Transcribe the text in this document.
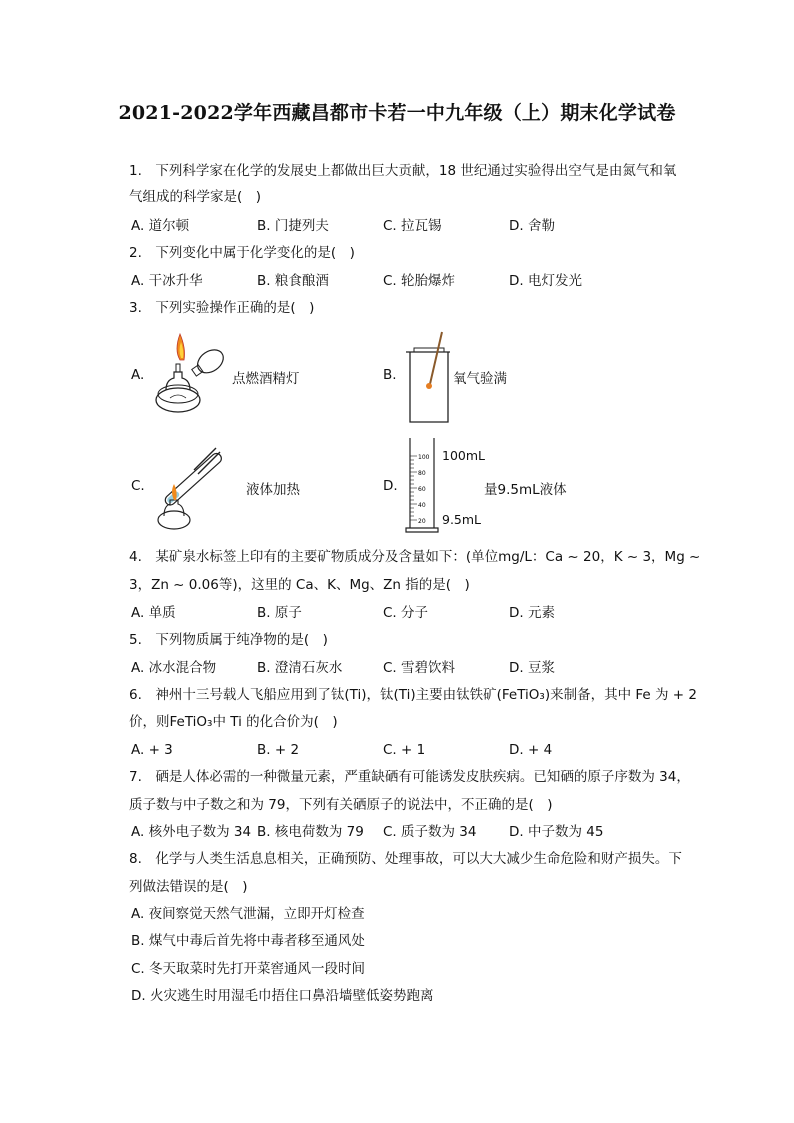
2021-2022学年西藏昌都市卡若一中九年级（上）期末化学试卷
1.　下列科学家在化学的发展史上都做出巨大贡献，18 世纪通过实验得出空气是由氮气和氧
气组成的科学家是(　)
A. 道尔顿	B. 门捷列夫	C. 拉瓦锡	D. 舍勒
2.　下列变化中属于化学变化的是(　)
A. 干冰升华	B. 粮食酿酒	C. 轮胎爆炸	D. 电灯发光
3.　下列实验操作正确的是(　)
A.	点燃酒精灯	B.	氧气验满
C.	液体加热	D.
100
80
60
40
20
100mL
量9.5mL液体
9.5mL
4.　某矿泉水标签上印有的主要矿物质成分及含量如下：(单位mg/L：Ca ~ 20，K ~ 3，Mg ~
3，Zn ~ 0.06等)，这里的 Ca、K、Mg、Zn 指的是(　)
A. 单质	B. 原子	C. 分子	D. 元素
5.　下列物质属于纯净物的是(　)
A. 冰水混合物	B. 澄清石灰水	C. 雪碧饮料	D. 豆浆
6.　神州十三号载人飞船应用到了钛(Ti)，钛(Ti)主要由钛铁矿(FeTiO₃)来制备，其中 Fe 为 + 2
价，则FeTiO₃中 Ti 的化合价为(　)
A. + 3	B. + 2	C. + 1	D. + 4
7.　硒是人体必需的一种微量元素，严重缺硒有可能诱发皮肤疾病。已知硒的原子序数为 34，
质子数与中子数之和为 79，下列有关硒原子的说法中，不正确的是(　)
A. 核外电子数为 34 B. 核电荷数为 79 C. 质子数为 34 D. 中子数为 45
8.　化学与人类生活息息相关，正确预防、处理事故，可以大大减少生命危险和财产损失。下
列做法错误的是(　)
A. 夜间察觉天然气泄漏，立即开灯检查
B. 煤气中毒后首先将中毒者移至通风处
C. 冬天取菜时先打开菜窖通风一段时间
D. 火灾逃生时用湿毛巾捂住口鼻沿墙壁低姿势跑离
